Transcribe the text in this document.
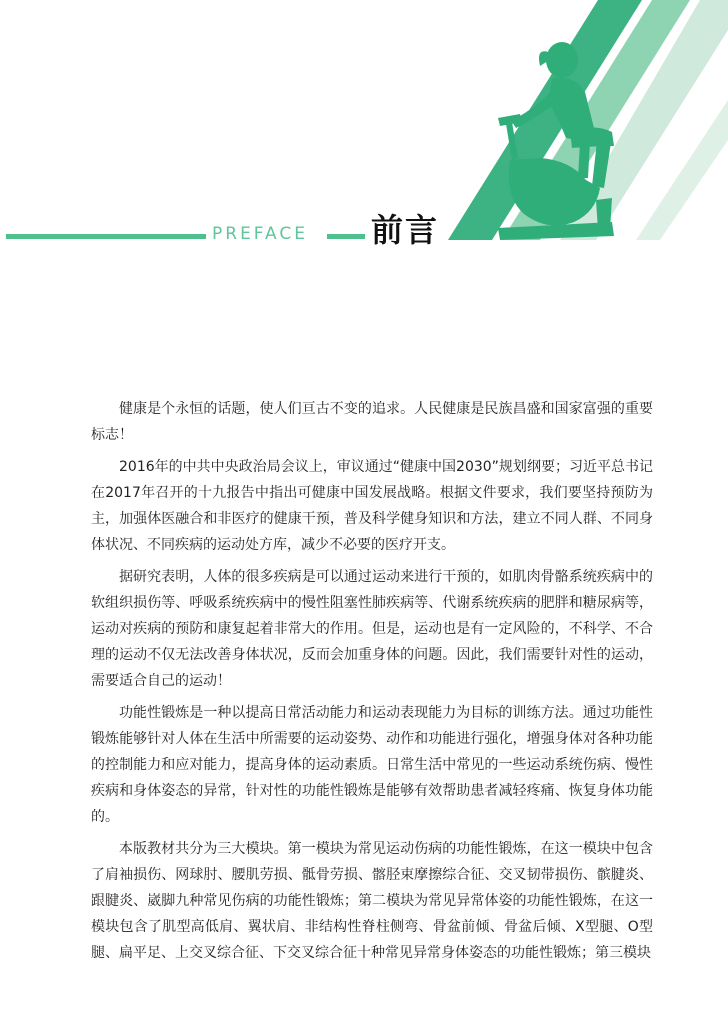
PREFACE 前言

健康是个永恒的话题，使人们亘古不变的追求。人民健康是民族昌盛和国家富强的重要标志！

2016年的中共中央政治局会议上，审议通过“健康中国2030”规划纲要；习近平总书记在2017年召开的十九报告中指出可健康中国发展战略。根据文件要求，我们要坚持预防为主，加强体医融合和非医疗的健康干预，普及科学健身知识和方法，建立不同人群、不同身体状况、不同疾病的运动处方库，减少不必要的医疗开支。

据研究表明，人体的很多疾病是可以通过运动来进行干预的，如肌肉骨骼系统疾病中的软组织损伤等、呼吸系统疾病中的慢性阻塞性肺疾病等、代谢系统疾病的肥胖和糖尿病等，运动对疾病的预防和康复起着非常大的作用。但是，运动也是有一定风险的，不科学、不合理的运动不仅无法改善身体状况，反而会加重身体的问题。因此，我们需要针对性的运动，需要适合自己的运动！

功能性锻炼是一种以提高日常活动能力和运动表现能力为目标的训练方法。通过功能性锻炼能够针对人体在生活中所需要的运动姿势、动作和功能进行强化，增强身体对各种功能的控制能力和应对能力，提高身体的运动素质。日常生活中常见的一些运动系统伤病、慢性疾病和身体姿态的异常，针对性的功能性锻炼是能够有效帮助患者减轻疼痛、恢复身体功能的。

本版教材共分为三大模块。第一模块为常见运动伤病的功能性锻炼，在这一模块中包含了肩袖损伤、网球肘、腰肌劳损、骶骨劳损、髂胫束摩擦综合征、交叉韧带损伤、髌腱炎、跟腱炎、崴脚九种常见伤病的功能性锻炼；第二模块为常见异常体姿的功能性锻炼，在这一模块包含了肌型高低肩、翼状肩、非结构性脊柱侧弯、骨盆前倾、骨盆后倾、X型腿、O型腿、扁平足、上交叉综合征、下交叉综合征十种常见异常身体姿态的功能性锻炼；第三模块
